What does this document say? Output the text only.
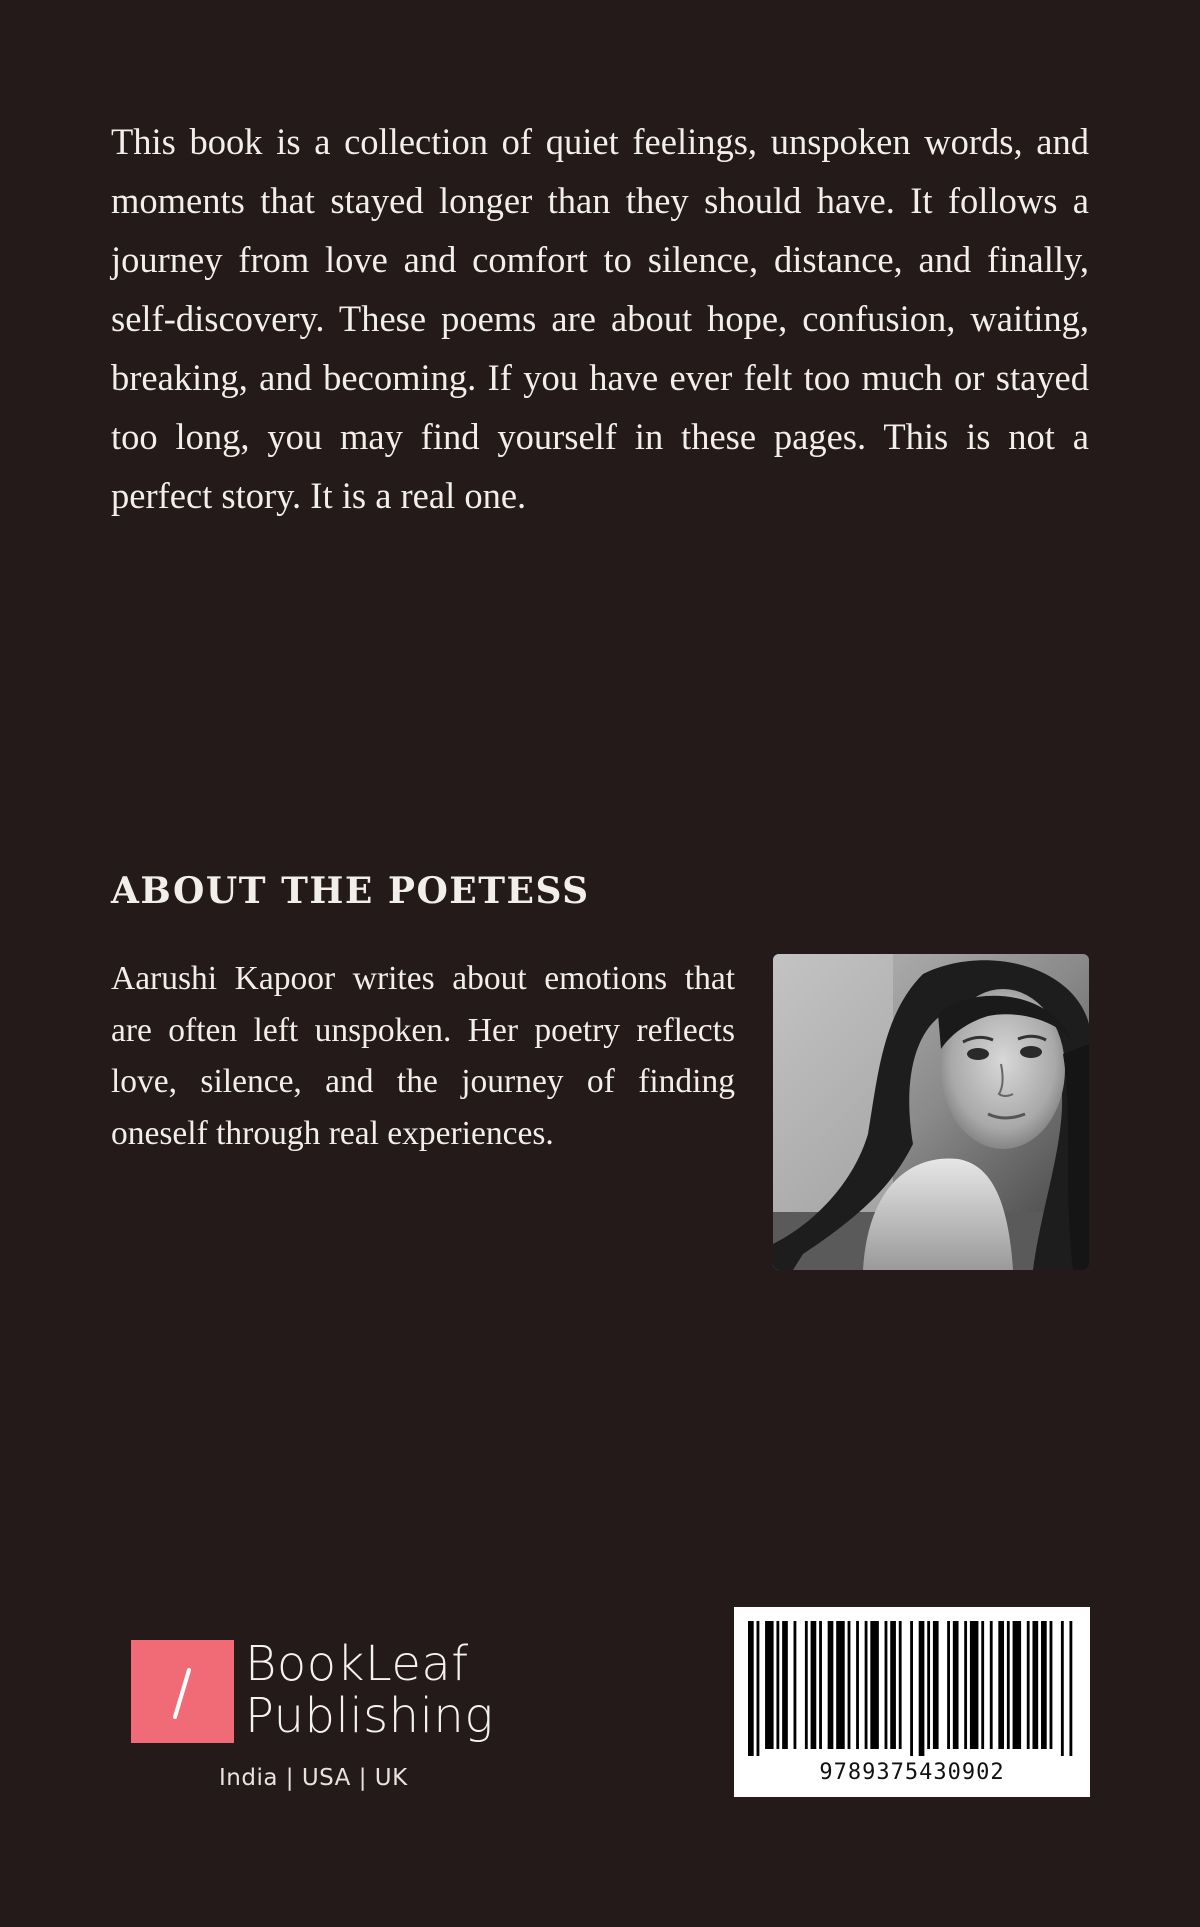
This book is a collection of quiet feelings, unspoken words, and moments that stayed longer than they should have. It follows a journey from love and comfort to silence, distance, and finally, self-discovery. These poems are about hope, confusion, waiting, breaking, and becoming. If you have ever felt too much or stayed too long, you may find yourself in these pages. This is not a perfect story. It is a real one.

ABOUT THE POETESS

Aarushi Kapoor writes about emotions that are often left unspoken. Her poetry reflects love, silence, and the journey of finding oneself through real experiences.

BookLeaf
Publishing
India | USA | UK	9789375430902
